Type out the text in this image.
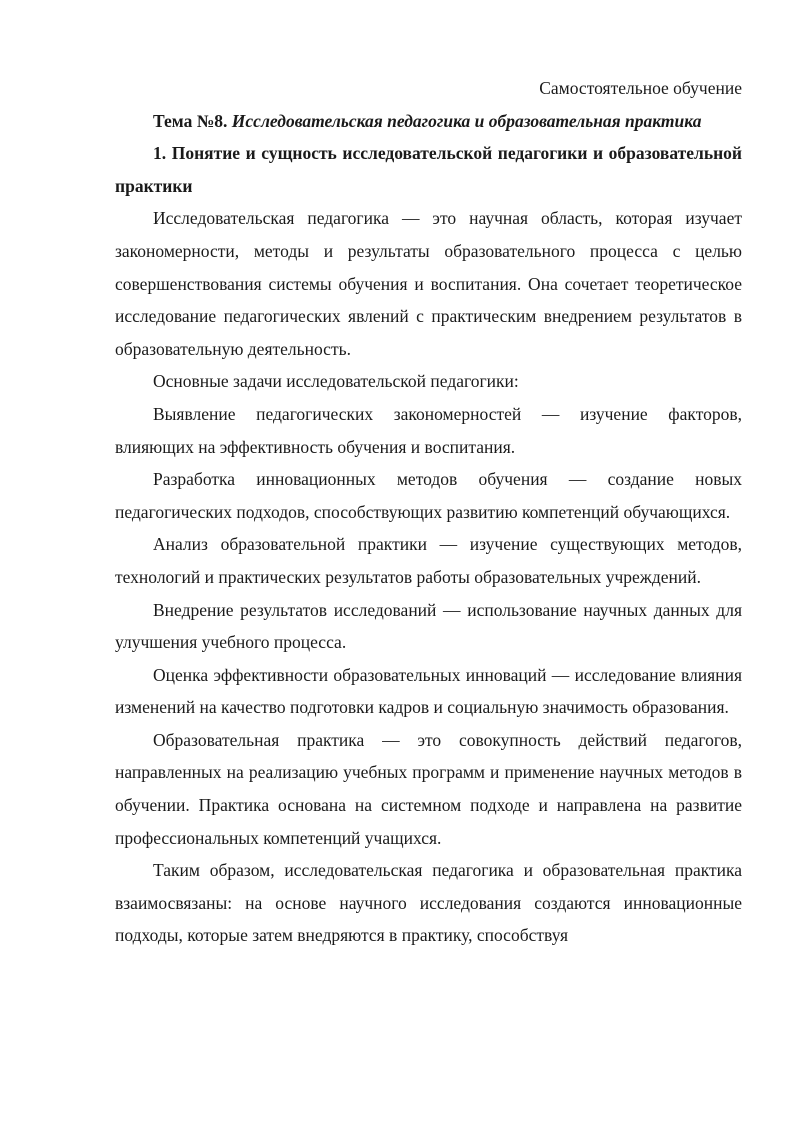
Самостоятельное обучение

Тема №8. Исследовательская педагогика и образовательная практика

1. Понятие и сущность исследовательской педагогики и образовательной практики

Исследовательская педагогика — это научная область, которая изучает закономерности, методы и результаты образовательного процесса с целью совершенствования системы обучения и воспитания. Она сочетает теоретическое исследование педагогических явлений с практическим внедрением результатов в образовательную деятельность.

Основные задачи исследовательской педагогики:

Выявление педагогических закономерностей — изучение факторов, влияющих на эффективность обучения и воспитания.

Разработка инновационных методов обучения — создание новых педагогических подходов, способствующих развитию компетенций обучающихся.

Анализ образовательной практики — изучение существующих методов, технологий и практических результатов работы образовательных учреждений.

Внедрение результатов исследований — использование научных данных для улучшения учебного процесса.

Оценка эффективности образовательных инноваций — исследование влияния изменений на качество подготовки кадров и социальную значимость образования.

Образовательная практика — это совокупность действий педагогов, направленных на реализацию учебных программ и применение научных методов в обучении. Практика основана на системном подходе и направлена на развитие профессиональных компетенций учащихся.

Таким образом, исследовательская педагогика и образовательная практика взаимосвязаны: на основе научного исследования создаются инновационные подходы, которые затем внедряются в практику, способствуя
